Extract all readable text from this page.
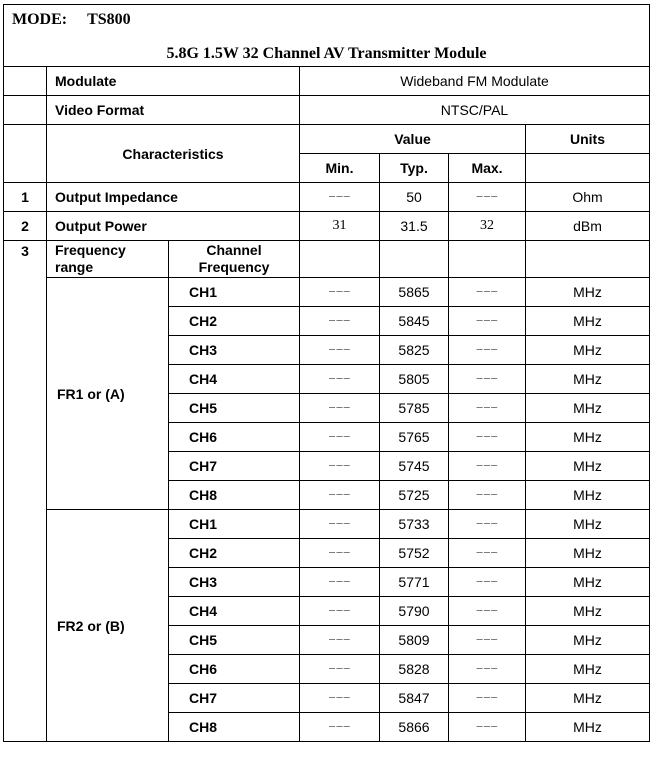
MODE: TS800
5.8G 1.5W 32 Channel AV Transmitter Module						

	Modulate		Wideband FM Modulate			
	Video Format		NTSC/PAL			
	Characteristics		Value			Units
			Min.	Typ.	Max.	
1	Output Impedance		−−−	50	−−−	Ohm
2	Output Power		31	31.5	32	dBm
3	Frequency range	Channel Frequency				
	FR1 or (A)	CH1	−−−	5865	−−−	MHz
		CH2	−−−	5845	−−−	MHz
		CH3	−−−	5825	−−−	MHz
		CH4	−−−	5805	−−−	MHz
		CH5	−−−	5785	−−−	MHz
		CH6	−−−	5765	−−−	MHz
		CH7	−−−	5745	−−−	MHz
		CH8	−−−	5725	−−−	MHz
	FR2 or (B)	CH1	−−−	5733	−−−	MHz
		CH2	−−−	5752	−−−	MHz
		CH3	−−−	5771	−−−	MHz
		CH4	−−−	5790	−−−	MHz
		CH5	−−−	5809	−−−	MHz
		CH6	−−−	5828	−−−	MHz
		CH7	−−−	5847	−−−	MHz
		CH8	−−−	5866	−−−	MHz
